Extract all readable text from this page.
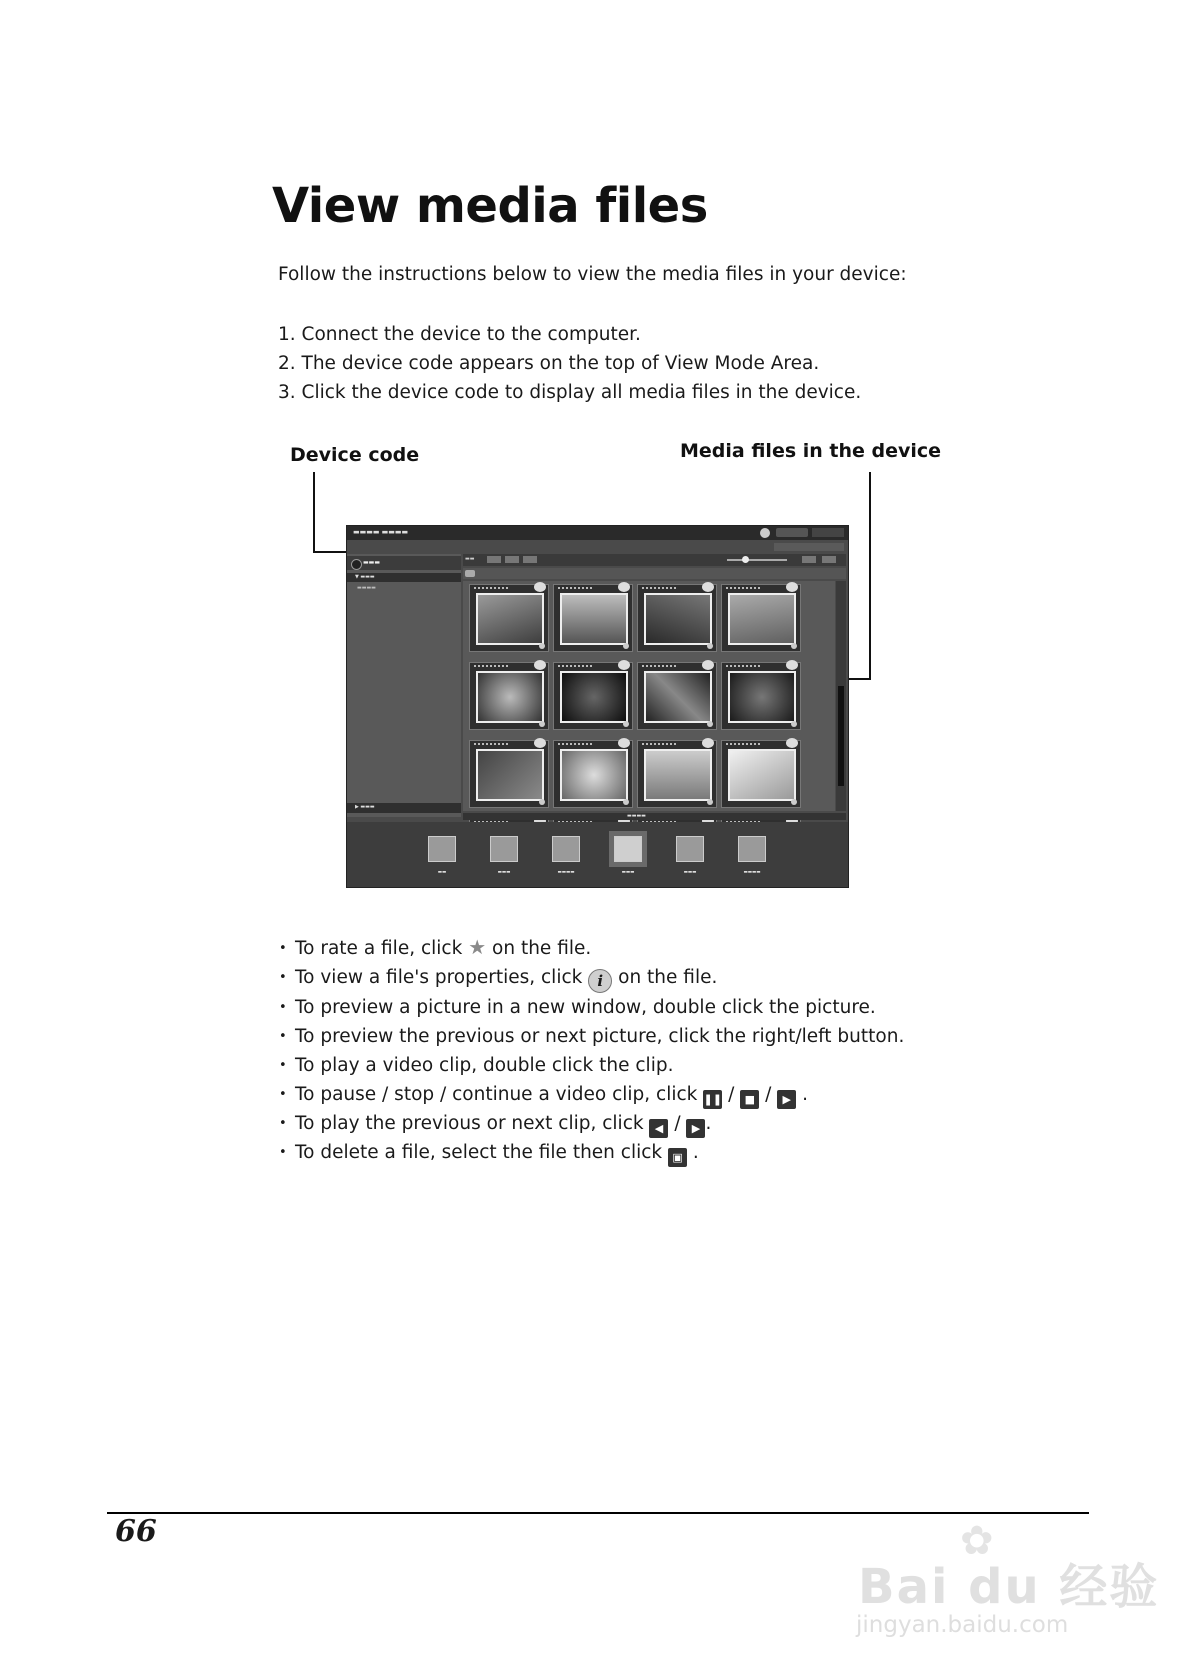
View media files
Follow the instructions below to view the media files in your device:
1. Connect the device to the computer.
2. The device code appears on the top of View Mode Area.
3. Click the device code to display all media files in the device.
Device code	Media files in the device
▬▬▬▬ ▬▬▬▬
▬▬▬
▼ ▬▬▬
▬▬▬▬
▶ ▬▬▬
▬▬
▬▬▬▬
▬▬	▬▬▬	▬▬▬▬	▬▬▬	▬▬▬	▬▬▬▬
• To rate a file, click ★ on the file.
• To view a file's properties, click i on the file.
• To preview a picture in a new window, double click the picture.
• To preview the previous or next picture, click the right/left button.
• To play a video clip, double click the clip.
• To pause / stop / continue a video clip, click ❚❚ / ■ / ▶ .
• To play the previous or next clip, click ◀ / ▶ .
• To delete a file, select the file then click ▣ .
66	✿
Bai du 经验
jingyan.baidu.com
